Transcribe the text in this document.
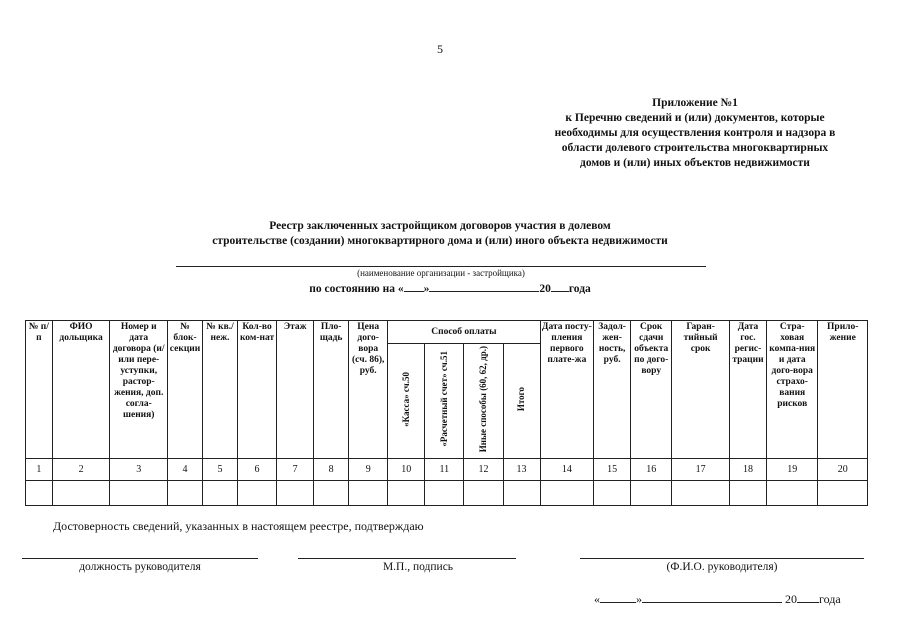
5
Приложение №1
к Перечню сведений и (или) документов, которые
необходимы для осуществления контроля и надзора в
области долевого строительства многоквартирных
домов и (или) иных объектов недвижимости
Реестр заключенных застройщиком договоров участия в долевом
строительстве (создании) многоквартирного дома и (или) иного объекта недвижимости
(наименование организации - застройщика)
по состоянию на « »	20 года
№ п/п	ФИО дольщика	Номер и дата договора (и/или пере-уступки, растор-жения, доп. согла-шения)	№ блок-секции	№ кв./ неж.	Кол-во ком-нат	Этаж	Пло-щадь	Цена дого-вора (сч. 86), руб.	Способ оплаты				Дата посту-пления первого плате-жа	Задол-жен-ность, руб.	Срок сдачи объекта по дого-вору	Гаран-тийный срок	Дата гос. регис-трации	Стра-ховая компа-ния и дата дого-вора страхо-вания рисков	Прило-жение
									«Касса» сч.50	«Расчетный счет» сч.51	Иные способы (60, 62, др.)	Итого							
1	2	3	4	5	6	7	8	9	10	11	12	13	14	15	16	17	18	19	20

Достоверность сведений, указанных в настоящем реестре, подтверждаю
должность руководителя	М.П., подпись	(Ф.И.О. руководителя)
«	»	20 года
